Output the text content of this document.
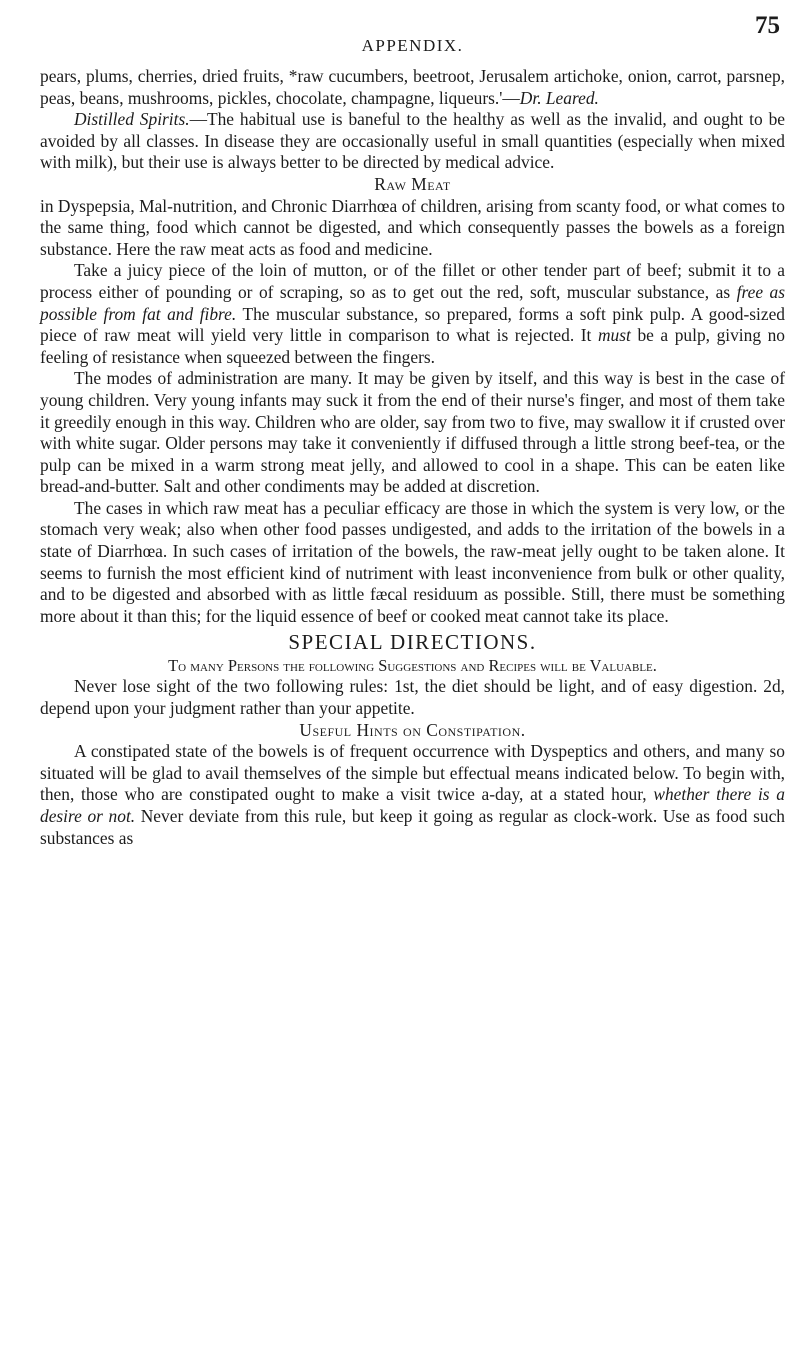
APPENDIX.
75

pears, plums, cherries, dried fruits, *raw cucumbers, beetroot, Jerusalem artichoke, onion, carrot, parsnep, peas, beans, mushrooms, pickles, chocolate, champagne, liqueurs.'—Dr. Leared.

Distilled Spirits.—The habitual use is baneful to the healthy as well as the invalid, and ought to be avoided by all classes. In disease they are occasionally useful in small quantities (especially when mixed with milk), but their use is always better to be directed by medical advice.

Raw Meat

in Dyspepsia, Mal-nutrition, and Chronic Diarrhœa of children, arising from scanty food, or what comes to the same thing, food which cannot be digested, and which consequently passes the bowels as a foreign substance. Here the raw meat acts as food and medicine.

Take a juicy piece of the loin of mutton, or of the fillet or other tender part of beef; submit it to a process either of pounding or of scraping, so as to get out the red, soft, muscular substance, as free as possible from fat and fibre. The muscular substance, so prepared, forms a soft pink pulp. A good-sized piece of raw meat will yield very little in comparison to what is rejected. It must be a pulp, giving no feeling of resistance when squeezed between the fingers.

The modes of administration are many. It may be given by itself, and this way is best in the case of young children. Very young infants may suck it from the end of their nurse's finger, and most of them take it greedily enough in this way. Children who are older, say from two to five, may swallow it if crusted over with white sugar. Older persons may take it conveniently if diffused through a little strong beef-tea, or the pulp can be mixed in a warm strong meat jelly, and allowed to cool in a shape. This can be eaten like bread-and-butter. Salt and other condiments may be added at discretion.

The cases in which raw meat has a peculiar efficacy are those in which the system is very low, or the stomach very weak; also when other food passes undigested, and adds to the irritation of the bowels in a state of Diarrhœa. In such cases of irritation of the bowels, the raw-meat jelly ought to be taken alone. It seems to furnish the most efficient kind of nutriment with least inconvenience from bulk or other quality, and to be digested and absorbed with as little fæcal residuum as possible. Still, there must be something more about it than this; for the liquid essence of beef or cooked meat cannot take its place.

SPECIAL DIRECTIONS.
To many Persons the following Suggestions and Recipes will be Valuable.

Never lose sight of the two following rules: 1st, the diet should be light, and of easy digestion. 2d, depend upon your judgment rather than your appetite.

Useful Hints on Constipation.

A constipated state of the bowels is of frequent occurrence with Dyspeptics and others, and many so situated will be glad to avail themselves of the simple but effectual means indicated below. To begin with, then, those who are constipated ought to make a visit twice a-day, at a stated hour, whether there is a desire or not. Never deviate from this rule, but keep it going as regular as clock-work. Use as food such substances as
